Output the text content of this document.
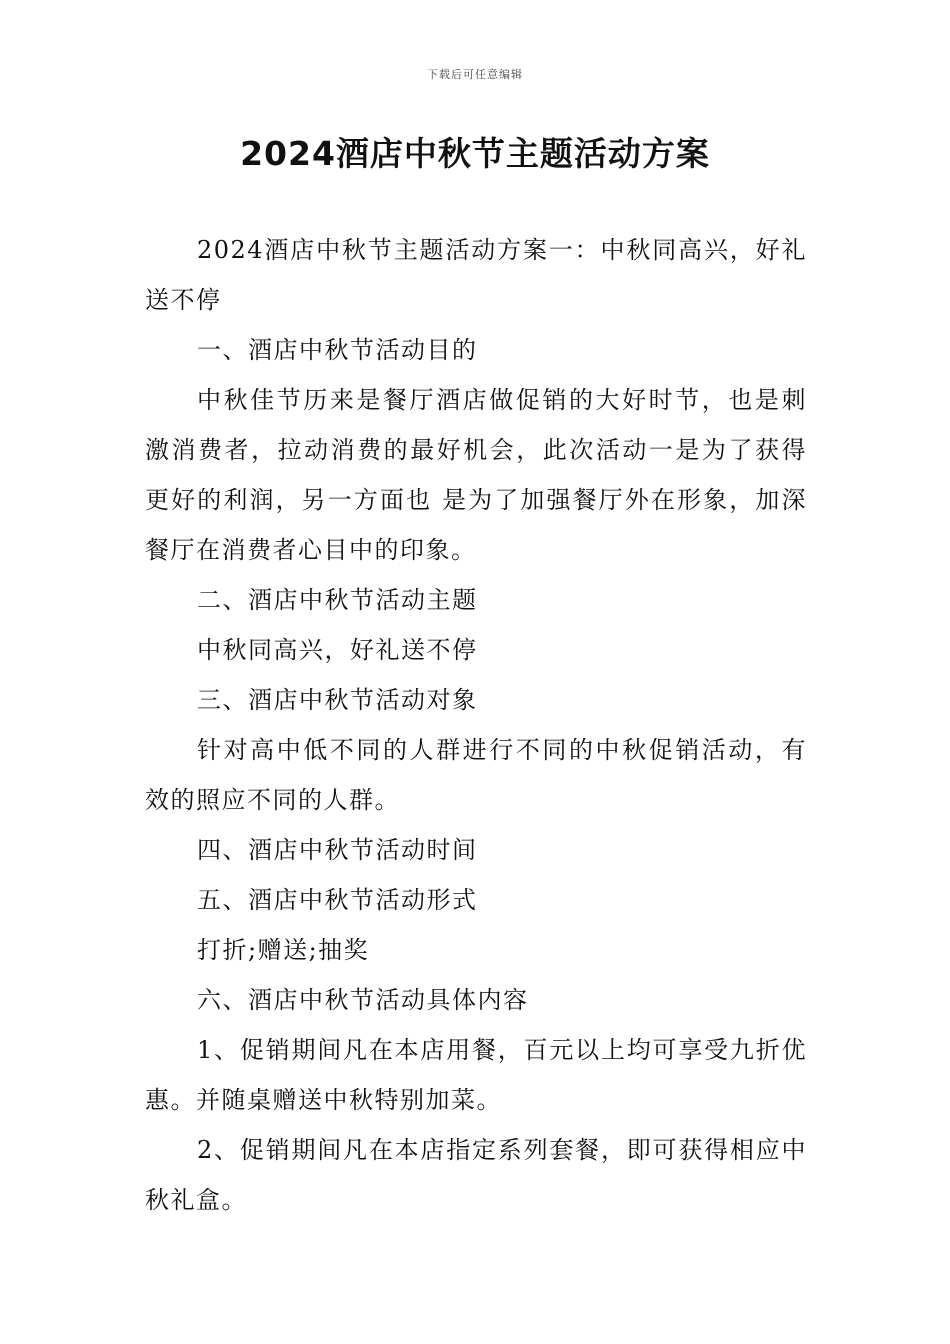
下载后可任意编辑
2024酒店中秋节主题活动方案

2024酒店中秋节主题活动方案一：中秋同高兴，好礼送不停

一、酒店中秋节活动目的

中秋佳节历来是餐厅酒店做促销的大好时节，也是刺激消费者，拉动消费的最好机会，此次活动一是为了获得更好的利润，另一方面也 是为了加强餐厅外在形象，加深餐厅在消费者心目中的印象。

二、酒店中秋节活动主题

中秋同高兴，好礼送不停

三、酒店中秋节活动对象

针对高中低不同的人群进行不同的中秋促销活动，有效的照应不同的人群。

四、酒店中秋节活动时间

五、酒店中秋节活动形式

打折;赠送;抽奖

六、酒店中秋节活动具体内容

1、促销期间凡在本店用餐，百元以上均可享受九折优惠。并随桌赠送中秋特别加菜。

2、促销期间凡在本店指定系列套餐，即可获得相应中秋礼盒。
